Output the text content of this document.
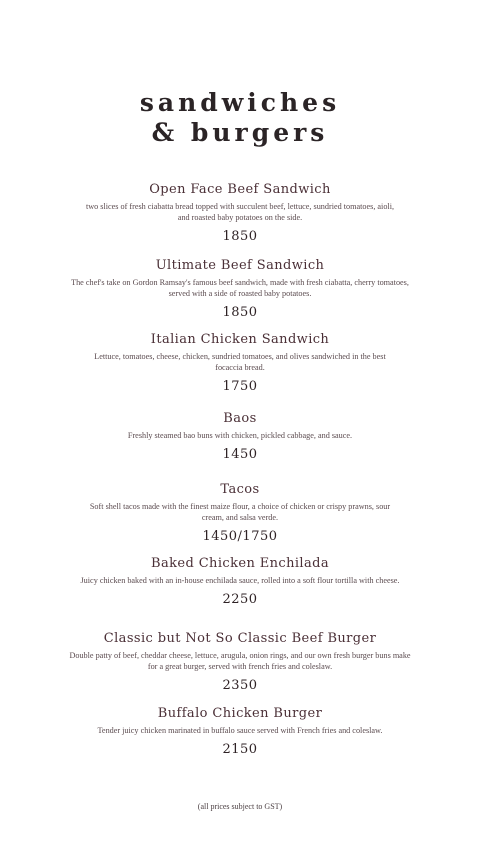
sandwiches
& burgers
Open Face Beef Sandwich
two slices of fresh ciabatta bread topped with succulent beef, lettuce, sundried tomatoes, aioli, and roasted baby potatoes on the side.
1850
Ultimate Beef Sandwich
The chef's take on Gordon Ramsay's famous beef sandwich, made with fresh ciabatta, cherry tomatoes, served with a side of roasted baby potatoes.
1850
Italian Chicken Sandwich
Lettuce, tomatoes, cheese, chicken, sundried tomatoes, and olives sandwiched in the best focaccia bread.
1750
Baos
Freshly steamed bao buns with chicken, pickled cabbage, and sauce.
1450
Tacos
Soft shell tacos made with the finest maize flour, a choice of chicken or crispy prawns, sour cream, and salsa verde.
1450/1750
Baked Chicken Enchilada
Juicy chicken baked with an in-house enchilada sauce, rolled into a soft flour tortilla with cheese.
2250
Classic but Not So Classic Beef Burger
Double patty of beef, cheddar cheese, lettuce, arugula, onion rings, and our own fresh burger buns make for a great burger, served with french fries and coleslaw.
2350
Buffalo Chicken Burger
Tender juicy chicken marinated in buffalo sauce served with French fries and coleslaw.
2150
(all prices subject to GST)
